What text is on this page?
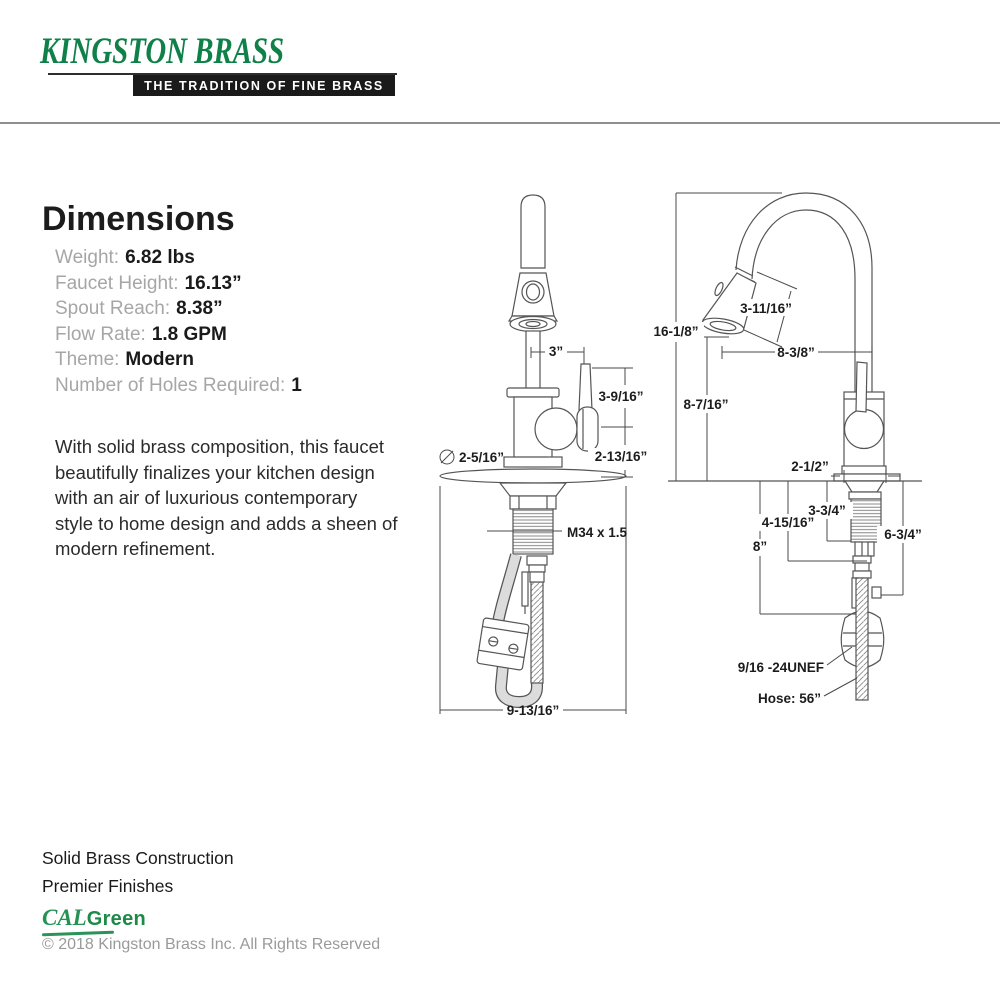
KINGSTON BRASS
THE TRADITION OF FINE BRASS
Dimensions
Weight: 6.82 lbs
Faucet Height: 16.13”
Spout Reach: 8.38”
Flow Rate: 1.8 GPM
Theme: Modern
Number of Holes Required: 1
With solid brass composition, this faucet
beautifully finalizes your kitchen design
with an air of luxurious contemporary
style to home design and adds a sheen of
modern refinement.
3”
3-9/16”
2-13/16”
2-5/16”
M34 x 1.5
9-13/16”
16-1/8”
3-11/16”
8-3/8”
8-7/16”
2-1/2”
3-3/4”
4-15/16”
8”
6-3/4”
9/16 -24UNEF
Hose: 56”
Solid Brass Construction
Premier Finishes
CALGreen
© 2018 Kingston Brass Inc. All Rights Reserved
